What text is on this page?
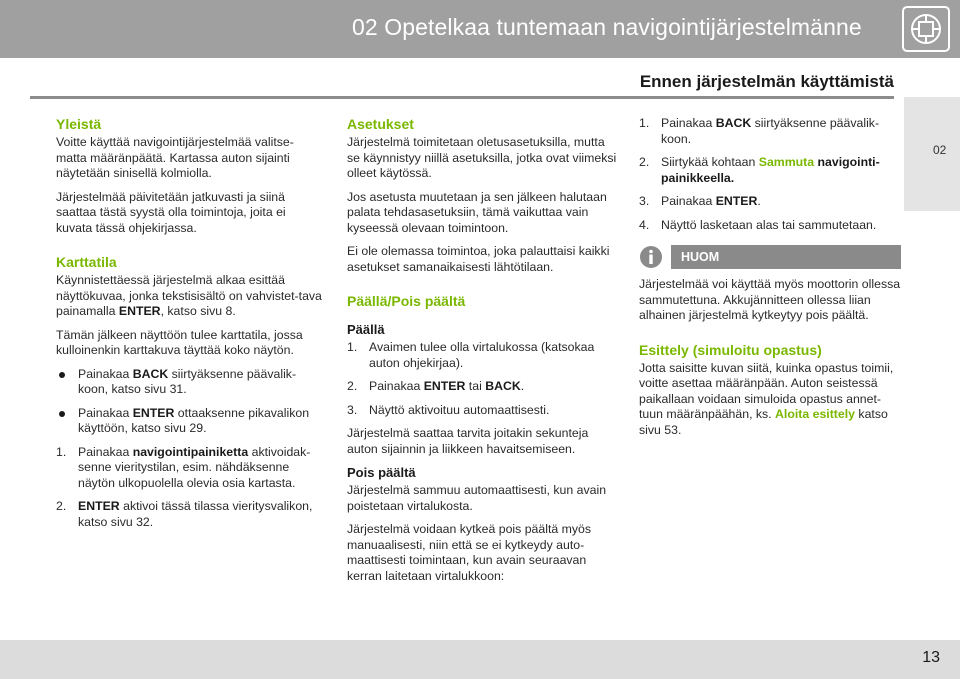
02 Opetelkaa tuntemaan navigointijärjestelmänne
Ennen järjestelmän käyttämistä
02
Yleistä

Voitte käyttää navigointijärjestelmää valitse-matta määränpäätä. Kartassa auton sijainti näytetään sinisellä kolmiolla.

Järjestelmää päivitetään jatkuvasti ja siinä saattaa tästä syystä olla toimintoja, joita ei kuvata tässä ohjekirjassa.

Karttatila

Käynnistettäessä järjestelmä alkaa esittää näyttökuvaa, jonka tekstisisältö on vahvistet-tava painamalla ENTER, katso sivu 8.

Tämän jälkeen näyttöön tulee karttatila, jossa kulloinenkin karttakuva täyttää koko näytön.

Painakaa BACK siirtyäksenne päävalik-koon, katso sivu 31.
Painakaa ENTER ottaaksenne pikavalikon käyttöön, katso sivu 29.
1. Painakaa navigointipainiketta aktivoidak-senne vieritystilan, esim. nähdäksenne näytön ulkopuolella olevia osia kartasta.
2. ENTER aktivoi tässä tilassa vieritysvalikon, katso sivu 32.
Asetukset

Järjestelmä toimitetaan oletusasetuksilla, mutta se käynnistyy niillä asetuksilla, jotka ovat viimeksi olleet käytössä.

Jos asetusta muutetaan ja sen jälkeen halutaan palata tehdasasetuksiin, tämä vaikuttaa vain kyseessä olevaan toimintoon.

Ei ole olemassa toimintoa, joka palauttaisi kaikki asetukset samanaikaisesti lähtötilaan.

Päällä/Pois päältä
Päällä
1. Avaimen tulee olla virtalukossa (katsokaa auton ohjekirjaa).
2. Painakaa ENTER tai BACK.
3. Näyttö aktivoituu automaattisesti.

Järjestelmä saattaa tarvita joitakin sekunteja auton sijainnin ja liikkeen havaitsemiseen.

Pois päältä

Järjestelmä sammuu automaattisesti, kun avain poistetaan virtalukosta.

Järjestelmä voidaan kytkeä pois päältä myös manuaalisesti, niin että se ei kytkeydy auto-maattisesti toimintaan, kun avain seuraavan kerran laitetaan virtalukkoon:

1. Painakaa BACK siirtyäksenne päävalik-koon.
2. Siirtykää kohtaan Sammuta navigointi-painikkeella.
3. Painakaa ENTER.
4. Näyttö lasketaan alas tai sammutetaan.
HUOM

Järjestelmää voi käyttää myös moottorin ollessa sammutettuna. Akkujännitteen ollessa liian alhainen järjestelmä kytkeytyy pois päältä.

Esittely (simuloitu opastus)

Jotta saisitte kuvan siitä, kuinka opastus toimii, voitte asettaa määränpään. Auton seistessä paikallaan voidaan simuloida opastus annet-tuun määränpäähän, ks. Aloita esittely katso sivu 53.

13
